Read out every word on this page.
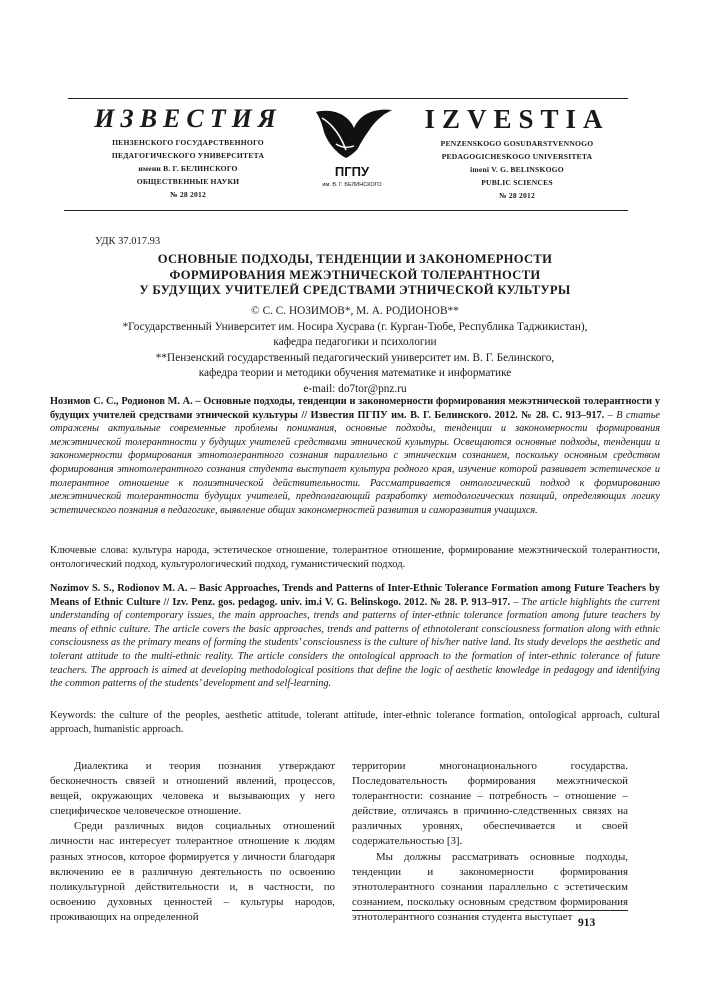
ИЗВЕСТИЯ
ПЕНЗЕНСКОГО ГОСУДАРСТВЕННОГО
ПЕДАГОГИЧЕСКОГО УНИВЕРСИТЕТА
имени В. Г. БЕЛИНСКОГО
ОБЩЕСТВЕННЫЕ НАУКИ
№ 28 2012
ПГПУ
им. В. Г. БЕЛИНСКОГО
IZVESTIA
PENZENSKOGO GOSUDARSTVENNOGO
PEDAGOGICHESKOGO UNIVERSITETA
imeni V. G. BELINSKOGO
PUBLIC SCIENCES
№ 28 2012
УДК 37.017.93
ОСНОВНЫЕ ПОДХОДЫ, ТЕНДЕНЦИИ И ЗАКОНОМЕРНОСТИ
ФОРМИРОВАНИЯ МЕЖЭТНИЧЕСКОЙ ТОЛЕРАНТНОСТИ
У БУДУЩИХ УЧИТЕЛЕЙ СРЕДСТВАМИ ЭТНИЧЕСКОЙ КУЛЬТУРЫ
© С. С. НОЗИМОВ*, М. А. РОДИОНОВ**
*Государственный Университет им. Носира Хусрава (г. Курган-Тюбе, Республика Таджикистан),
кафедра педагогики и психологии
**Пензенский государственный педагогический университет им. В. Г. Белинского,
кафедра теории и методики обучения математике и информатике
e-mail: do7tor@pnz.ru
Нозимов С. С., Родионов М. А. – Основные подходы, тенденции и закономерности формирования межэтнической толерантности у будущих учителей средствами этнической культуры // Известия ПГПУ им. В. Г. Белинского. 2012. № 28. С. 913–917. – В статье отражены актуальные современные проблемы понимания, основные подходы, тенденции и закономерности формирования межэтнической толерантности у будущих учителей средствами этнической культуры. Освещаются основные подходы, тенденции и закономерности формирования этнотолерантного сознания параллельно с этническим сознанием, поскольку основным средством формирования этнотолерантного сознания студента выступает культура родного края, изучение которой развивает эстетическое и толерантное отношение к полиэтнической действительности. Рассматривается онтологический подход к формированию межэтнической толерантности будущих учителей, предполагающий разработку методологических позиций, определяющих логику эстетического познания в педагогике, выявление общих закономерностей развития и саморазвития учащихся.
Ключевые слова: культура народа, эстетическое отношение, толерантное отношение, формирование межэтнической толерантности, онтологический подход, культурологический подход, гуманистический подход.
Nozimov S. S., Rodionov M. A. – Basic Approaches, Trends and Patterns of Inter-Ethnic Tolerance Formation among Future Teachers by Means of Ethnic Culture // Izv. Penz. gos. pedagog. univ. im.i V. G. Belinskogo. 2012. № 28. P. 913–917. – The article highlights the current understanding of contemporary issues, the main approaches, trends and patterns of inter-ethnic tolerance formation among future teachers by means of ethnic culture. The article covers the basic approaches, trends and patterns of ethnotolerant consciousness formation along with ethnic consciousness as the primary means of forming the students’ consciousness is the culture of his/her native land. Its study develops the aesthetic and tolerant attitude to the multi-ethnic reality. The article considers the ontological approach to the formation of inter-ethnic tolerance of future teachers. The approach is aimed at developing methodological positions that define the logic of aesthetic knowledge in pedagogy and identifying the common patterns of the students’ development and self-learning.
Keywords: the culture of the peoples, aesthetic attitude, tolerant attitude, inter-ethnic tolerance formation, ontological approach, cultural approach, humanistic approach.

Диалектика и теория познания утверждают бесконечность связей и отношений явлений, процессов, вещей, окружающих человека и вызывающих у него специфическое человеческое отношение.

Среди различных видов социальных отношений личности нас интересует толерантное отношение к людям разных этносов, которое формируется у личности благодаря включению ее в различную деятельность по освоению поликультурной действительности и, в частности, по освоению духовных ценностей – культуры народов, проживающих на определенной

территории многонационального государства. Последовательность формирования межэтнической толерантности: сознание – потребность – отношение – действие, отличаясь в причинно-следственных связях на различных уровнях, обеспечивается и своей содержательностью [3].

Мы должны рассматривать основные подходы, тенденции и закономерности формирования этнотолерантного сознания параллельно с эстетическим сознанием, поскольку основным средством формирования этнотолерантного сознания студента выступает

913
